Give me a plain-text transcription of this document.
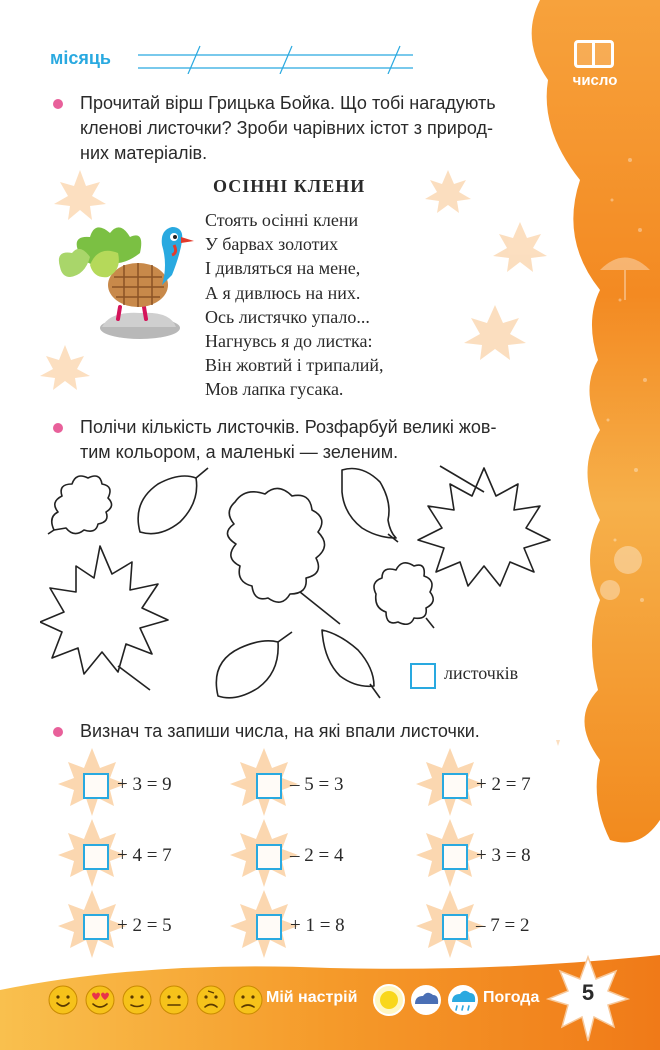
місяць
число
Прочитай вірш Грицька Бойка. Що тобі нагадують
кленові листочки? Зроби чарівних істот з природ-
них матеріалів.
ОСІННІ КЛЕНИ
Стоять осінні клени
У барвах золотих
І дивляться на мене,
А я дивлюсь на них.
Ось листячко упало...
Нагнувсь я до листка:
Він жовтий і трипалий,
Мов лапка гусака.
Полічи кількість листочків. Розфарбуй великі жов-
тим кольором, а маленькі — зеленим.
листочків
Визнач та запиши числа, на які впали листочки.
+ 3 = 9	– 5 = 3	+ 2 = 7
+ 4 = 7	– 2 = 4	+ 3 = 8
+ 2 = 5	+ 1 = 8	– 7 = 2
Мій настрій	Погода	5
